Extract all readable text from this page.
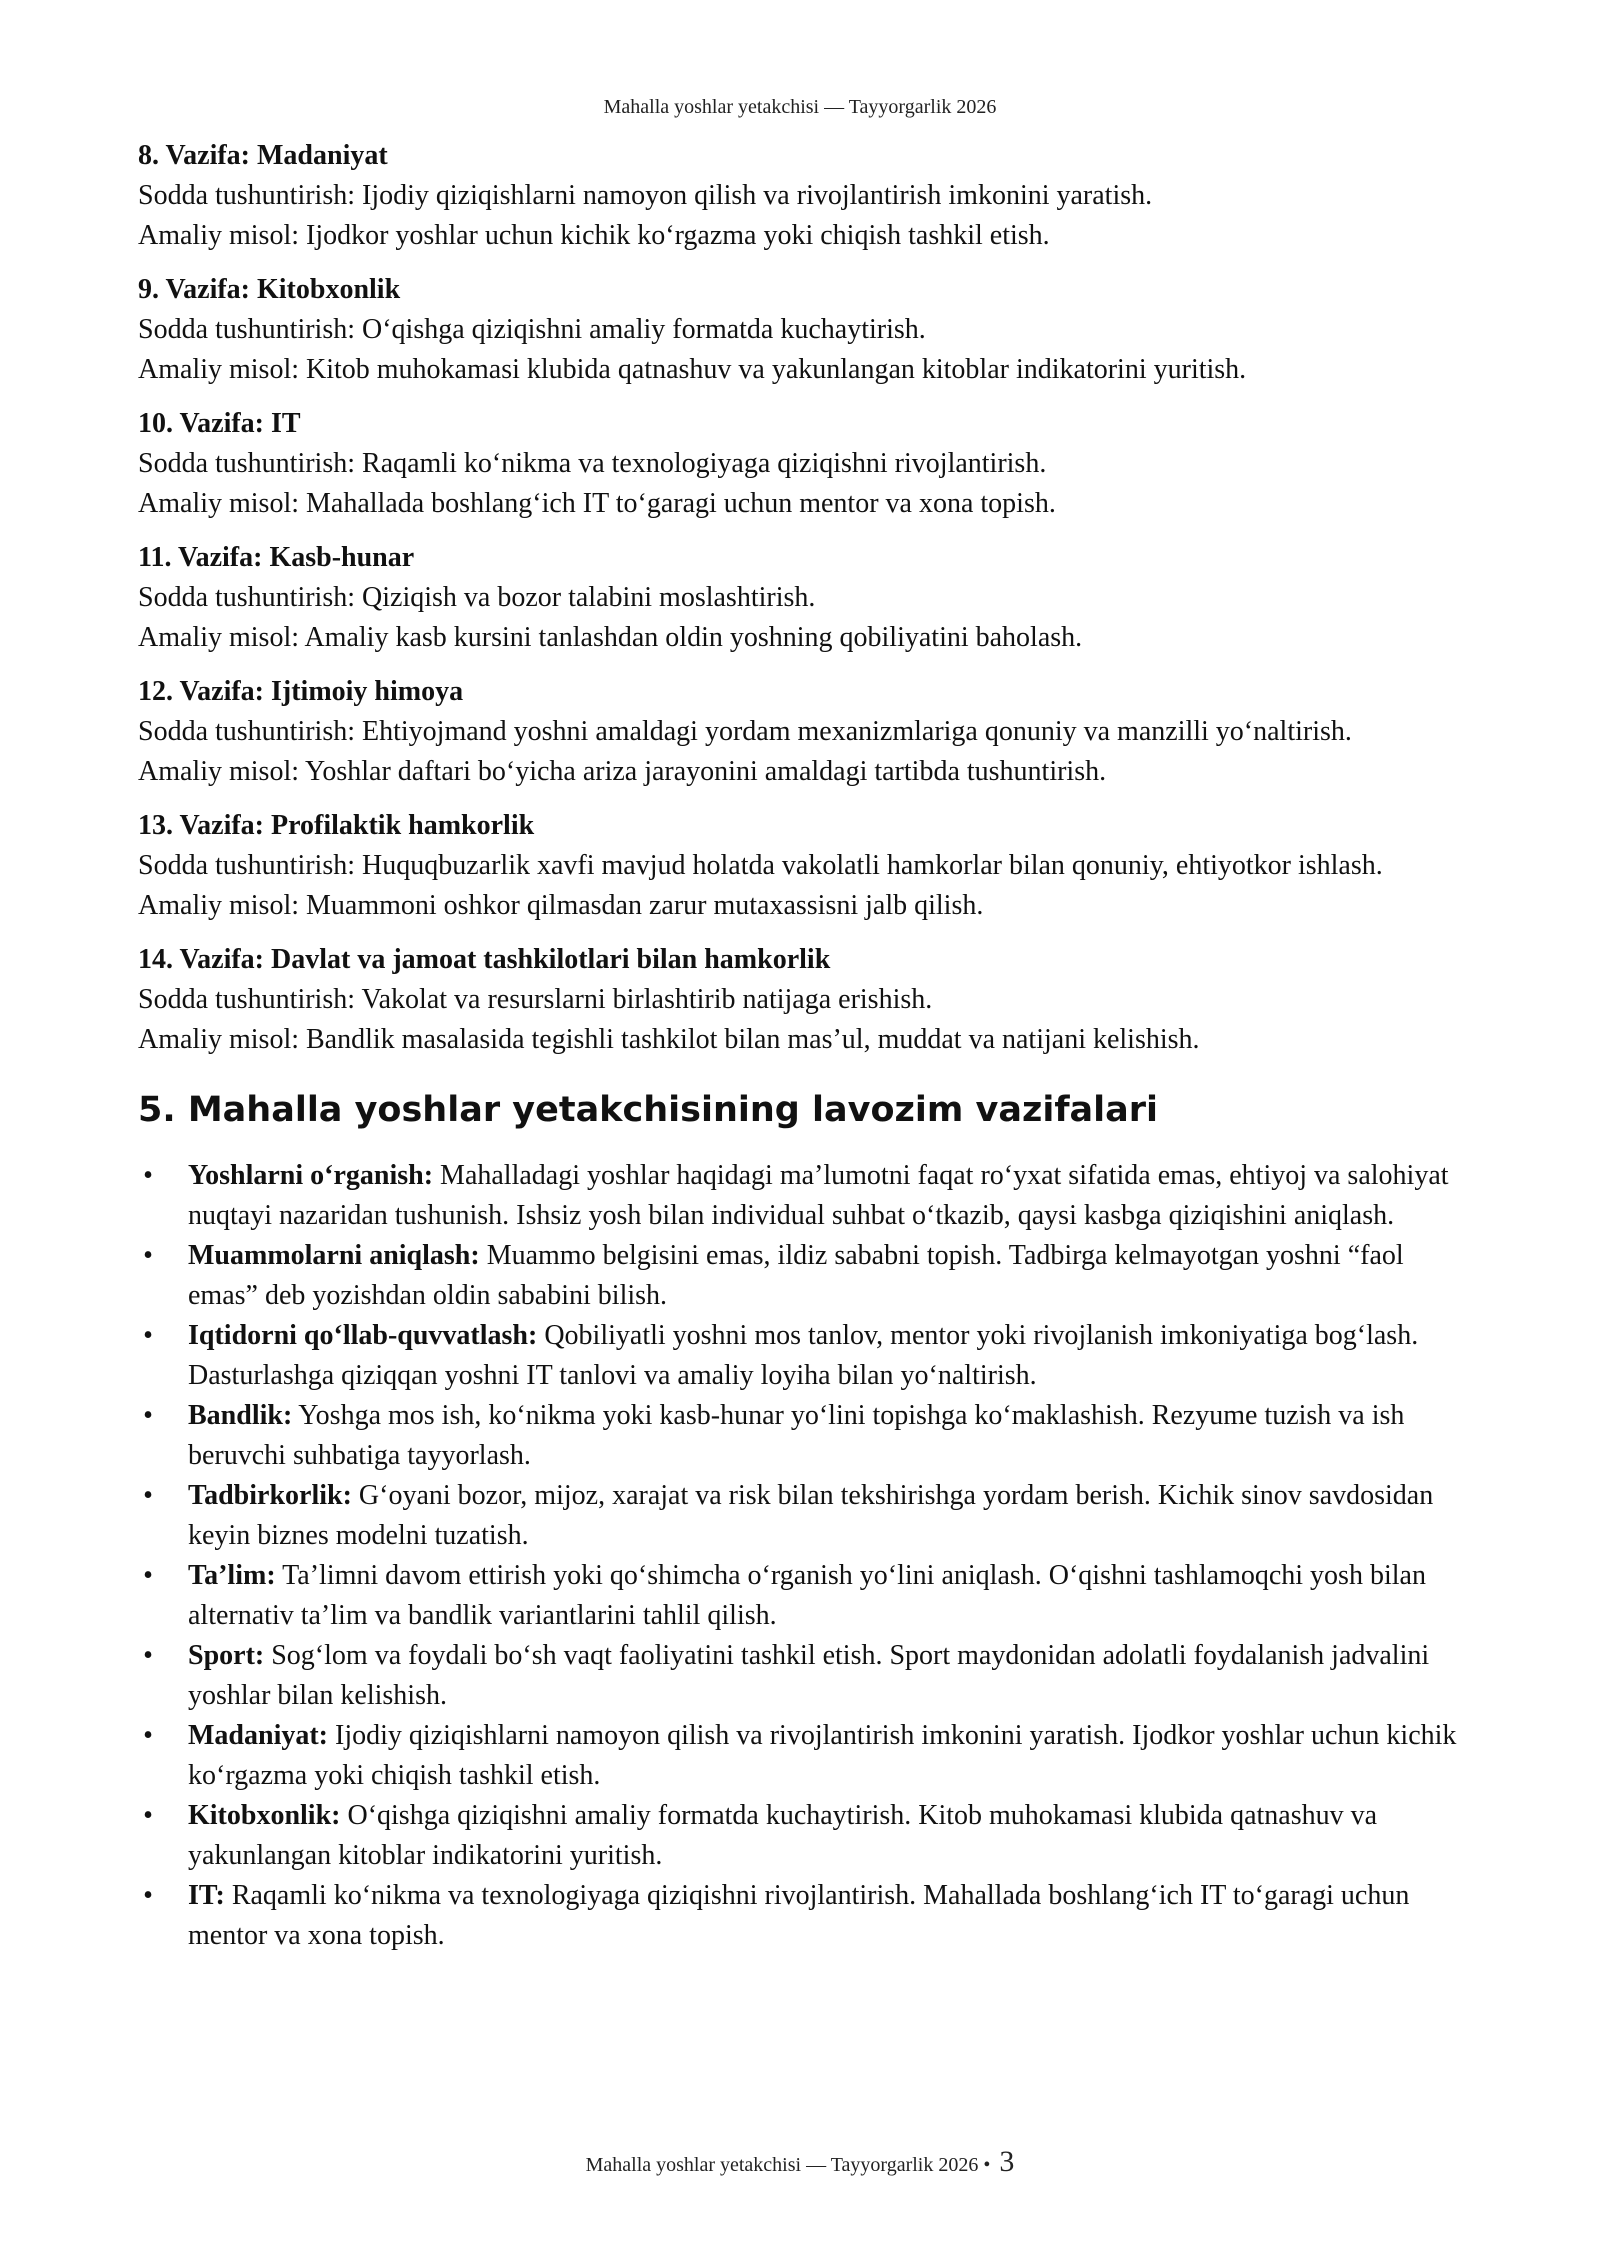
Mahalla yoshlar yetakchisi — Tayyorgarlik 2026
8. Vazifa: Madaniyat
Sodda tushuntirish: Ijodiy qiziqishlarni namoyon qilish va rivojlantirish imkonini yaratish.
Amaliy misol: Ijodkor yoshlar uchun kichik ko‘rgazma yoki chiqish tashkil etish.
9. Vazifa: Kitobxonlik
Sodda tushuntirish: O‘qishga qiziqishni amaliy formatda kuchaytirish.
Amaliy misol: Kitob muhokamasi klubida qatnashuv va yakunlangan kitoblar indikatorini yuritish.
10. Vazifa: IT
Sodda tushuntirish: Raqamli ko‘nikma va texnologiyaga qiziqishni rivojlantirish.
Amaliy misol: Mahallada boshlang‘ich IT to‘garagi uchun mentor va xona topish.
11. Vazifa: Kasb-hunar
Sodda tushuntirish: Qiziqish va bozor talabini moslashtirish.
Amaliy misol: Amaliy kasb kursini tanlashdan oldin yoshning qobiliyatini baholash.
12. Vazifa: Ijtimoiy himoya
Sodda tushuntirish: Ehtiyojmand yoshni amaldagi yordam mexanizmlariga qonuniy va manzilli yo‘naltirish.
Amaliy misol: Yoshlar daftari bo‘yicha ariza jarayonini amaldagi tartibda tushuntirish.
13. Vazifa: Profilaktik hamkorlik
Sodda tushuntirish: Huquqbuzarlik xavfi mavjud holatda vakolatli hamkorlar bilan qonuniy, ehtiyotkor ishlash.
Amaliy misol: Muammoni oshkor qilmasdan zarur mutaxassisni jalb qilish.
14. Vazifa: Davlat va jamoat tashkilotlari bilan hamkorlik
Sodda tushuntirish: Vakolat va resurslarni birlashtirib natijaga erishish.
Amaliy misol: Bandlik masalasida tegishli tashkilot bilan mas’ul, muddat va natijani kelishish.
5. Mahalla yoshlar yetakchisining lavozim vazifalari
• Yoshlarni o‘rganish: Mahalladagi yoshlar haqidagi ma’lumotni faqat ro‘yxat sifatida emas, ehtiyoj va salohiyat nuqtayi nazaridan tushunish. Ishsiz yosh bilan individual suhbat o‘tkazib, qaysi kasbga qiziqishini aniqlash.
• Muammolarni aniqlash: Muammo belgisini emas, ildiz sababni topish. Tadbirga kelmayotgan yoshni “faol emas” deb yozishdan oldin sababini bilish.
• Iqtidorni qo‘llab-quvvatlash: Qobiliyatli yoshni mos tanlov, mentor yoki rivojlanish imkoniyatiga bog‘lash. Dasturlashga qiziqqan yoshni IT tanlovi va amaliy loyiha bilan yo‘naltirish.
• Bandlik: Yoshga mos ish, ko‘nikma yoki kasb-hunar yo‘lini topishga ko‘maklashish. Rezyume tuzish va ish beruvchi suhbatiga tayyorlash.
• Tadbirkorlik: G‘oyani bozor, mijoz, xarajat va risk bilan tekshirishga yordam berish. Kichik sinov savdosidan keyin biznes modelni tuzatish.
• Ta’lim: Ta’limni davom ettirish yoki qo‘shimcha o‘rganish yo‘lini aniqlash. O‘qishni tashlamoqchi yosh bilan alternativ ta’lim va bandlik variantlarini tahlil qilish.
• Sport: Sog‘lom va foydali bo‘sh vaqt faoliyatini tashkil etish. Sport maydonidan adolatli foydalanish jadvalini yoshlar bilan kelishish.
• Madaniyat: Ijodiy qiziqishlarni namoyon qilish va rivojlantirish imkonini yaratish. Ijodkor yoshlar uchun kichik ko‘rgazma yoki chiqish tashkil etish.
• Kitobxonlik: O‘qishga qiziqishni amaliy formatda kuchaytirish. Kitob muhokamasi klubida qatnashuv va yakunlangan kitoblar indikatorini yuritish.
• IT: Raqamli ko‘nikma va texnologiyaga qiziqishni rivojlantirish. Mahallada boshlang‘ich IT to‘garagi uchun mentor va xona topish.
Mahalla yoshlar yetakchisi — Tayyorgarlik 2026 • 3
